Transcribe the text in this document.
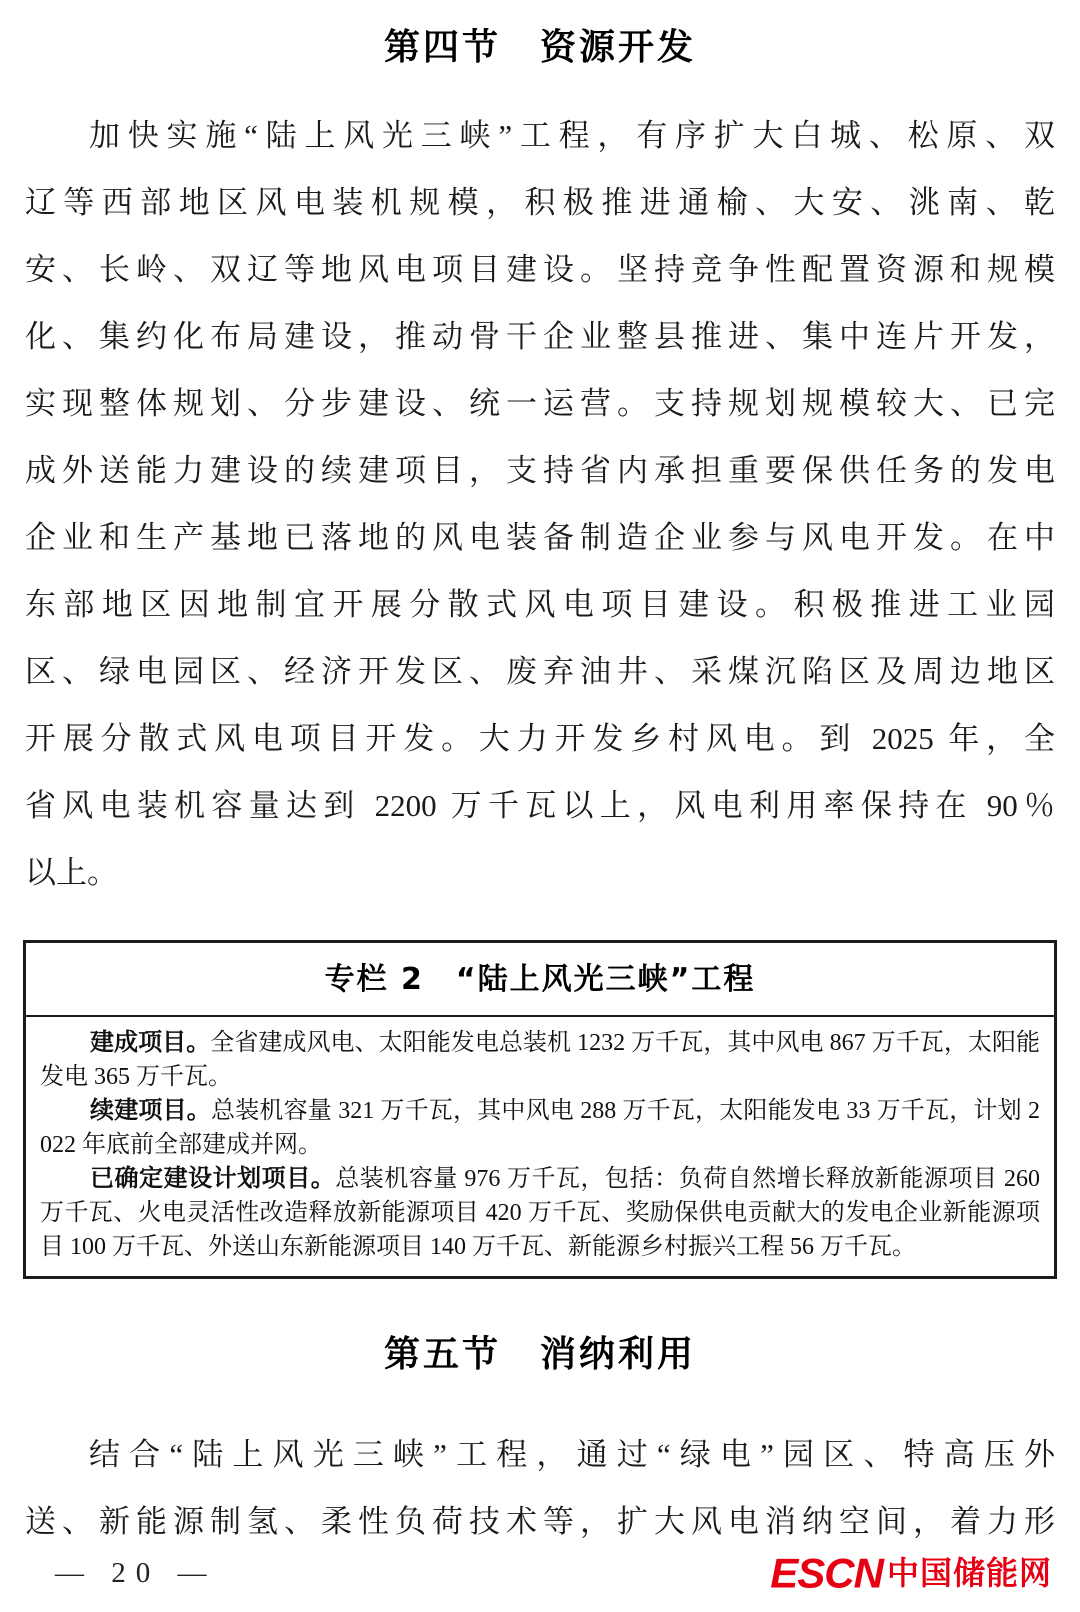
第四节　资源开发
加快实施“陆上风光三峡”工程，有序扩大白城、松原、双
辽等西部地区风电装机规模，积极推进通榆、大安、洮南、乾
安、长岭、双辽等地风电项目建设。坚持竞争性配置资源和规模
化、集约化布局建设，推动骨干企业整县推进、集中连片开发，
实现整体规划、分步建设、统一运营。支持规划规模较大、已完
成外送能力建设的续建项目，支持省内承担重要保供任务的发电
企业和生产基地已落地的风电装备制造企业参与风电开发。在中
东部地区因地制宜开展分散式风电项目建设。积极推进工业园
区、绿电园区、经济开发区、废弃油井、采煤沉陷区及周边地区
开展分散式风电项目开发。大力开发乡村风电。到 2025 年，全
省风电装机容量达到 2200 万千瓦以上，风电利用率保持在 90％
以上。
专栏 2　“陆上风光三峡”工程

建成项目。全省建成风电、太阳能发电总装机 1232 万千瓦，其中风电 867 万千瓦，太阳能发电 365 万千瓦。

续建项目。总装机容量 321 万千瓦，其中风电 288 万千瓦，太阳能发电 33 万千瓦，计划 2022 年底前全部建成并网。

已确定建设计划项目。总装机容量 976 万千瓦，包括：负荷自然增长释放新能源项目 260 万千瓦、火电灵活性改造释放新能源项目 420 万千瓦、奖励保供电贡献大的发电企业新能源项目 100 万千瓦、外送山东新能源项目 140 万千瓦、新能源乡村振兴工程 56 万千瓦。

第五节　消纳利用
结合“陆上风光三峡”工程，通过“绿电”园区、特高压外
送、新能源制氢、柔性负荷技术等，扩大风电消纳空间，着力形
— 20 —	ESCN 中国储能网
